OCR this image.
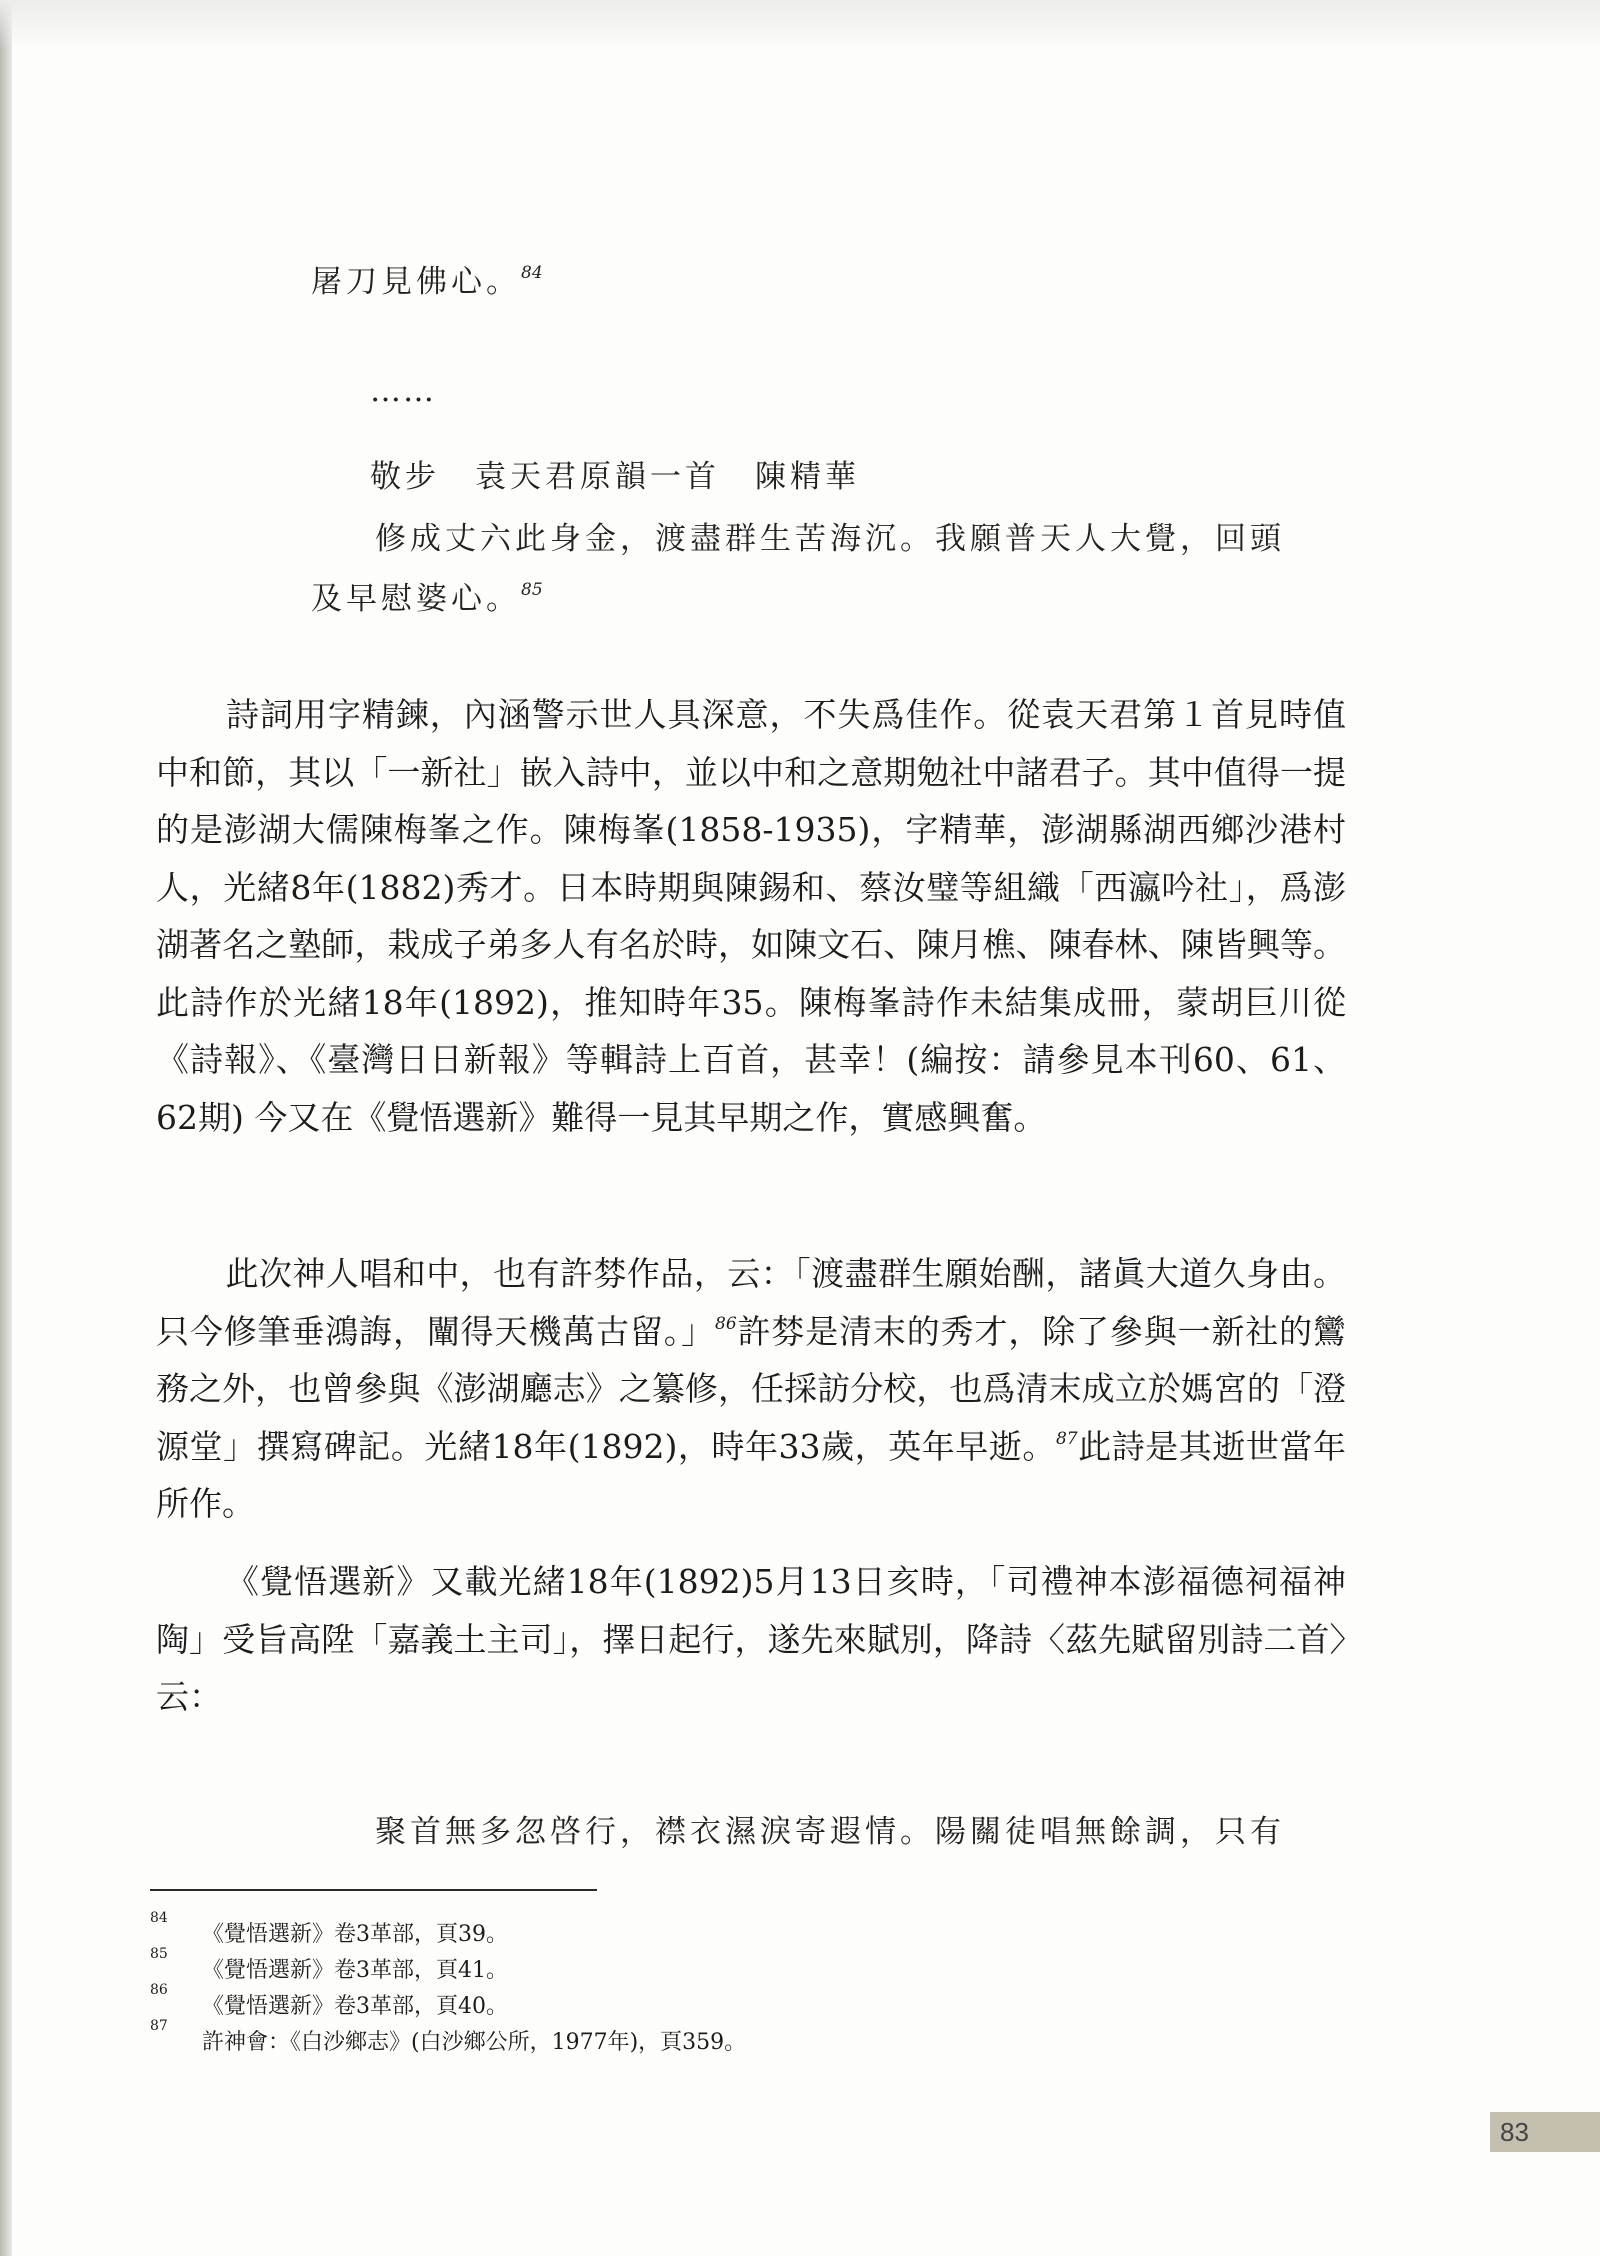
屠刀見佛心。$^{84}$
……
敬步　袁天君原韻一首　陳精華
修成丈六此身金，渡盡群生苦海沉。我願普天人大覺，回頭
及早慰婆心。$^{85}$

詩詞用字精鍊，內涵警示世人具深意，不失爲佳作。從袁天君第１首見時值中和節，其以「一新社」嵌入詩中，並以中和之意期勉社中諸君子。其中值得一提的是澎湖大儒陳梅峯之作。陳梅峯(1858-1935)，字精華，澎湖縣湖西鄉沙港村人，光緒8年(1882)秀才。日本時期與陳錫和、蔡汝璧等組織「西瀛吟社」，爲澎湖著名之塾師，栽成子弟多人有名於時，如陳文石、陳月樵、陳春林、陳皆興等。此詩作於光緒18年(1892)，推知時年35。陳梅峯詩作未結集成冊，蒙胡巨川從《詩報》、《臺灣日日新報》等輯詩上百首，甚幸！(編按：請參見本刊60、61、62期) 今又在《覺悟選新》難得一見其早期之作，實感興奮。

此次神人唱和中，也有許棼作品，云：「渡盡群生願始酬，諸眞大道久身由。只今修筆垂鴻誨，闡得天機萬古留。」$^{86}$許棼是清末的秀才，除了參與一新社的鸞務之外，也曾參與《澎湖廳志》之纂修，任採訪分校，也爲清末成立於媽宮的「澄源堂」撰寫碑記。光緒18年(1892)，時年33歲，英年早逝。$^{87}$此詩是其逝世當年所作。

《覺悟選新》又載光緒18年(1892)5月13日亥時，「司禮神本澎福德祠福神陶」受旨高陞「嘉義土主司」，擇日起行，遂先來賦別，降詩〈茲先賦留別詩二首〉云：

聚首無多忽啓行，襟衣濕淚寄遐情。陽關徒唱無餘調，只有
84
《覺悟選新》卷3革部，頁39。
85
《覺悟選新》卷3革部，頁41。
86
《覺悟選新》卷3革部，頁40。
87
許神會：《白沙鄉志》(白沙鄉公所，1977年)，頁359。
83
